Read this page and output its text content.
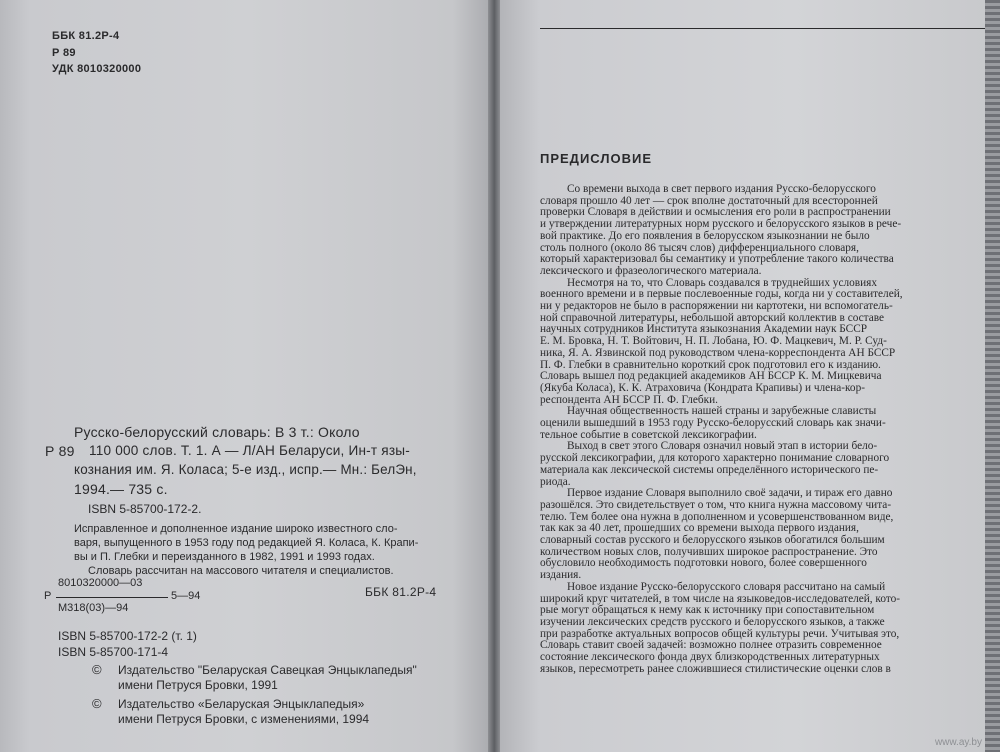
ББК 81.2Р-4
Р 89
УДК 8010320000
Русско-белорусский словарь: В 3 т.: Около
Р 89 110 000 слов. Т. 1. А — Л/АН Беларуси, Ин-т язы-
кознания им. Я. Коласа; 5-е изд., испр.— Мн.: БелЭн,
1994.— 735 с.
ISBN 5-85700-172-2.
Исправленное и дополненное издание широко известного сло-
варя, выпущенного в 1953 году под редакцией Я. Коласа, К. Крапи-
вы и П. Глебки и переизданного в 1982, 1991 и 1993 годах.
Словарь рассчитан на массового читателя и специалистов.
8010320000—03
Р	5—94
М318(03)—94
ББК 81.2Р-4
ISBN 5-85700-172-2 (т. 1)
ISBN 5-85700-171-4
© Издательство "Беларуская Савецкая Энцыклапедыя"
имени Петруся Бровки, 1991
© Издательство «Беларуская Энцыклапедыя»
имени Петруся Бровки, с изменениями, 1994
ПРЕДИСЛОВИЕ
Со времени выхода в свет первого издания Русско-белорусского
словаря прошло 40 лет — срок вполне достаточный для всесторонней
проверки Словаря в действии и осмысления его роли в распространении
и утверждении литературных норм русского и белорусского языков в рече-
вой практике. До его появления в белорусском языкознании не было
столь полного (около 86 тысяч слов) дифференциального словаря,
который характеризовал бы семантику и употребление такого количества
лексического и фразеологического материала.
Несмотря на то, что Словарь создавался в труднейших условиях
военного времени и в первые послевоенные годы, когда ни у составителей,
ни у редакторов не было в распоряжении ни картотеки, ни вспомогатель-
ной справочной литературы, небольшой авторский коллектив в составе
научных сотрудников Института языкознания Академии наук БССР
Е. М. Бровка, Н. Т. Войтович, Н. П. Лобана, Ю. Ф. Мацкевич, М. Р. Суд-
ника, Я. А. Язвинской под руководством члена-корреспондента АН БССР
П. Ф. Глебки в сравнительно короткий срок подготовил его к изданию.
Словарь вышел под редакцией академиков АН БССР К. М. Мицкевича
(Якуба Коласа), К. К. Атраховича (Кондрата Крапивы) и члена-кор-
респондента АН БССР П. Ф. Глебки.
Научная общественность нашей страны и зарубежные слависты
оценили вышедший в 1953 году Русско-белорусский словарь как значи-
тельное событие в советской лексикографии.
Выход в свет этого Словаря означил новый этап в истории бело-
русской лексикографии, для которого характерно понимание словарного
материала как лексической системы определённого исторического пе-
риода.
Первое издание Словаря выполнило своё задачи, и тираж его давно
разошёлся. Это свидетельствует о том, что книга нужна массовому чита-
телю. Тем более она нужна в дополненном и усовершенствованном виде,
так как за 40 лет, прошедших со времени выхода первого издания,
словарный состав русского и белорусского языков обогатился большим
количеством новых слов, получивших широкое распространение. Это
обусловило необходимость подготовки нового, более совершенного
издания.
Новое издание Русско-белорусского словаря рассчитано на самый
широкий круг читателей, в том числе на языковедов-исследователей, кото-
рые могут обращаться к нему как к источнику при сопоставительном
изучении лексических средств русского и белорусского языков, а также
при разработке актуальных вопросов общей культуры речи. Учитывая это,
Словарь ставит своей задачей: возможно полнее отразить современное
состояние лексического фонда двух близкородственных литературных
языков, пересмотреть ранее сложившиеся стилистические оценки слов в
www.ay.by
